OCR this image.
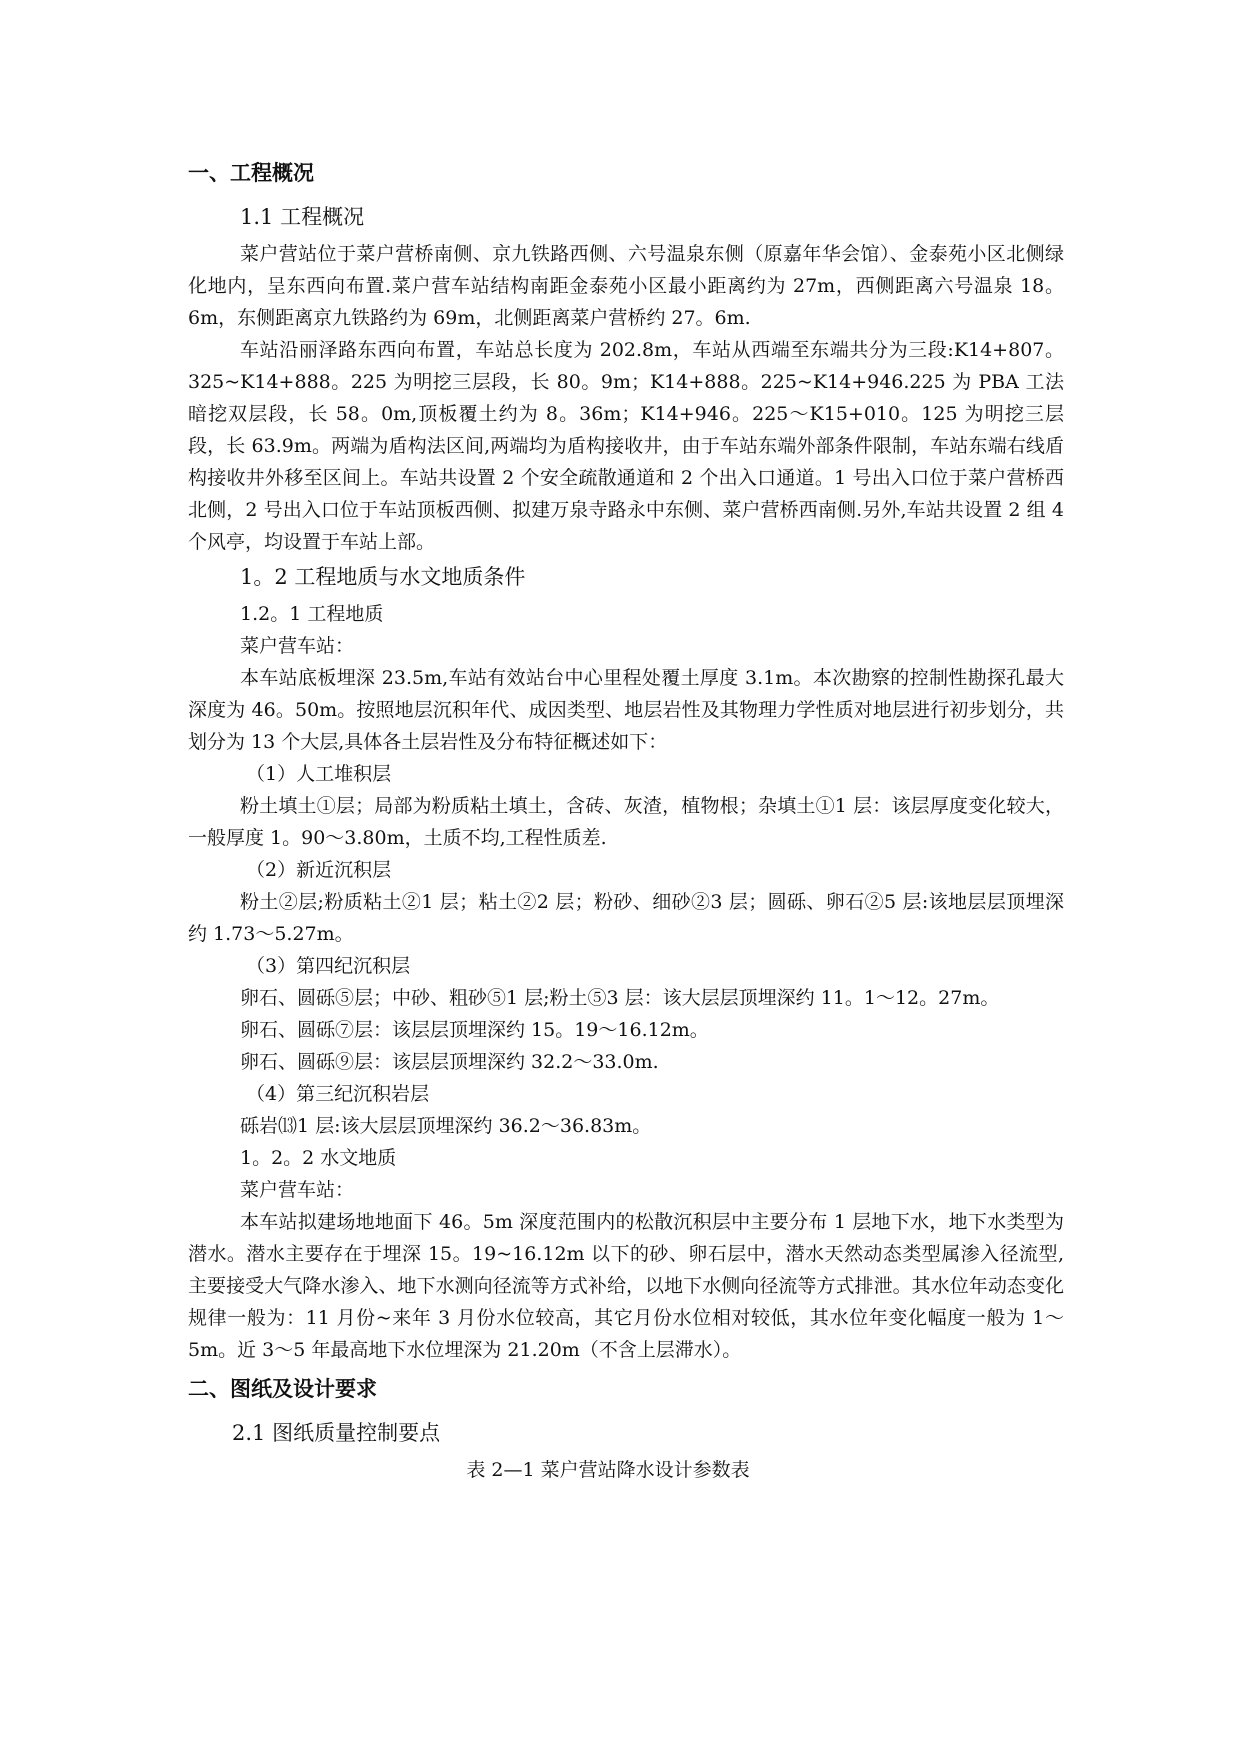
一、工程概况
1.1 工程概况

菜户营站位于菜户营桥南侧、京九铁路西侧、六号温泉东侧（原嘉年华会馆）、金泰苑小区北侧绿化地内，呈东西向布置.菜户营车站结构南距金泰苑小区最小距离约为 27m，西侧距离六号温泉 18。6m，东侧距离京九铁路约为 69m，北侧距离菜户营桥约 27。6m.

车站沿丽泽路东西向布置，车站总长度为 202.8m，车站从西端至东端共分为三段:K14+807。325~K14+888。225 为明挖三层段，长 80。9m；K14+888。225~K14+946.225 为 PBA 工法暗挖双层段，长 58。0m,顶板覆土约为 8。36m；K14+946。225～K15+010。125 为明挖三层段，长 63.9m。两端为盾构法区间,两端均为盾构接收井，由于车站东端外部条件限制，车站东端右线盾构接收井外移至区间上。车站共设置 2 个安全疏散通道和 2 个出入口通道。1 号出入口位于菜户营桥西北侧，2 号出入口位于车站顶板西侧、拟建万泉寺路永中东侧、菜户营桥西南侧.另外,车站共设置 2 组 4 个风亭，均设置于车站上部。

1。2 工程地质与水文地质条件
1.2。1 工程地质
菜户营车站：

本车站底板埋深 23.5m,车站有效站台中心里程处覆土厚度 3.1m。本次勘察的控制性勘探孔最大深度为 46。50m。按照地层沉积年代、成因类型、地层岩性及其物理力学性质对地层进行初步划分，共划分为 13 个大层,具体各土层岩性及分布特征概述如下：

（1）人工堆积层

粉土填土①层；局部为粉质粘土填土，含砖、灰渣，植物根；杂填土①1 层：该层厚度变化较大，一般厚度 1。90～3.80m，土质不均,工程性质差.

（2）新近沉积层

粉土②层;粉质粘土②1 层；粘土②2 层；粉砂、细砂②3 层；圆砾、卵石②5 层:该地层层顶埋深约 1.73～5.27m。

（3）第四纪沉积层

卵石、圆砾⑤层；中砂、粗砂⑤1 层;粉土⑤3 层：该大层层顶埋深约 11。1～12。27m。

卵石、圆砾⑦层：该层层顶埋深约 15。19～16.12m。
卵石、圆砾⑨层：该层层顶埋深约 32.2～33.0m.
（4）第三纪沉积岩层
砾岩⒀1 层:该大层层顶埋深约 36.2～36.83m。
1。2。2 水文地质
菜户营车站：

本车站拟建场地地面下 46。5m 深度范围内的松散沉积层中主要分布 1 层地下水，地下水类型为潜水。潜水主要存在于埋深 15。19~16.12m 以下的砂、卵石层中，潜水天然动态类型属渗入径流型,主要接受大气降水渗入、地下水测向径流等方式补给，以地下水侧向径流等方式排泄。其水位年动态变化规律一般为：11 月份~来年 3 月份水位较高，其它月份水位相对较低，其水位年变化幅度一般为 1～5m。近 3～5 年最高地下水位埋深为 21.20m（不含上层滞水）。

二、图纸及设计要求
2.1 图纸质量控制要点
表 2—1 菜户营站降水设计参数表
